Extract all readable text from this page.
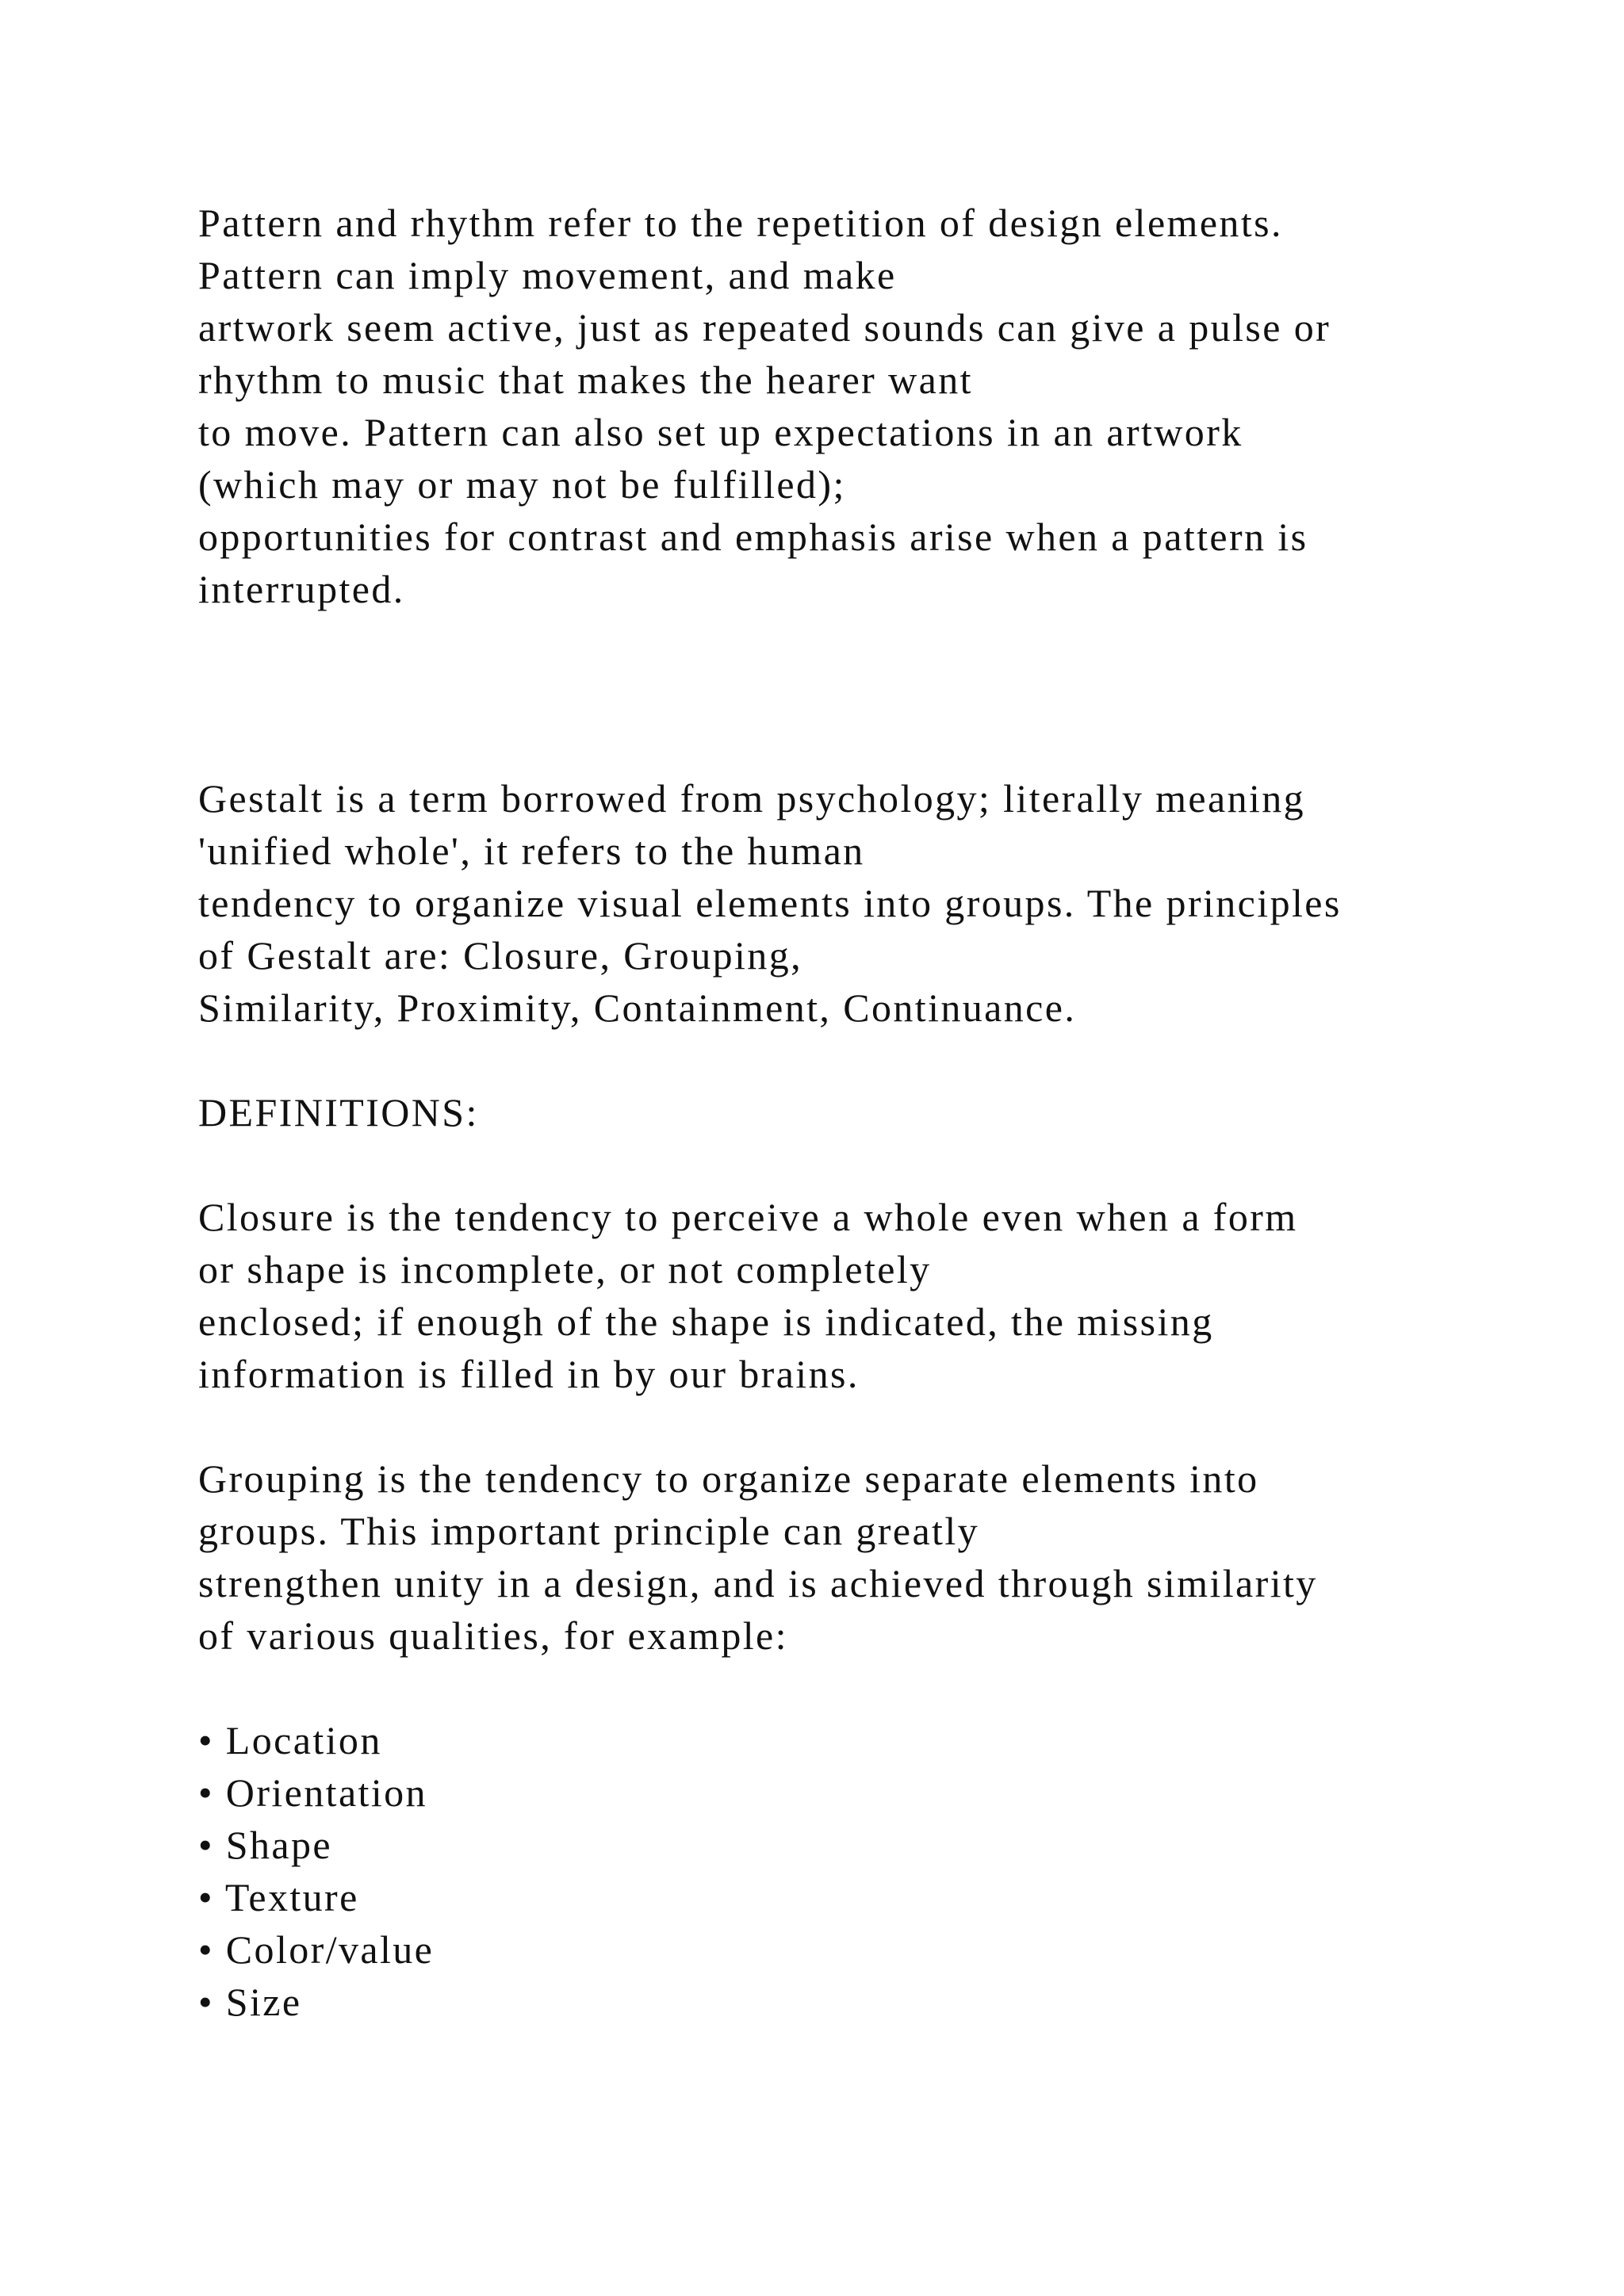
Pattern and rhythm refer to the repetition of design elements.
Pattern can imply movement, and make
artwork seem active, just as repeated sounds can give a pulse or
rhythm to music that makes the hearer want
to move. Pattern can also set up expectations in an artwork
(which may or may not be fulfilled);
opportunities for contrast and emphasis arise when a pattern is
interrupted.
Gestalt is a term borrowed from psychology; literally meaning
'unified whole', it refers to the human
tendency to organize visual elements into groups. The principles
of Gestalt are: Closure, Grouping,
Similarity, Proximity, Containment, Continuance.
DEFINITIONS:
Closure is the tendency to perceive a whole even when a form
or shape is incomplete, or not completely
enclosed; if enough of the shape is indicated, the missing
information is filled in by our brains.
Grouping is the tendency to organize separate elements into
groups. This important principle can greatly
strengthen unity in a design, and is achieved through similarity
of various qualities, for example:
• Location
• Orientation
• Shape
• Texture
• Color/value
• Size
